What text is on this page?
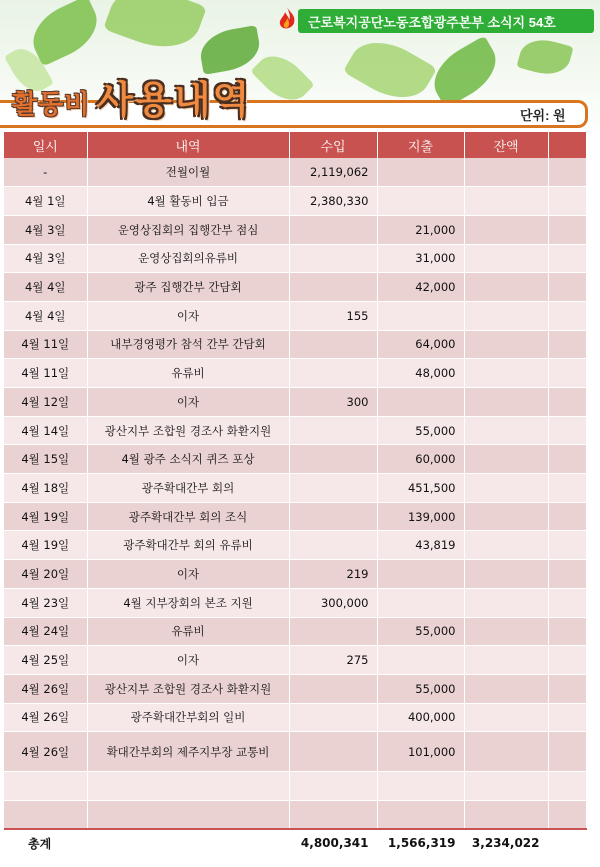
근로복지공단노동조합광주본부 소식지 54호
활동비 사용내역	단위: 원
일시	내역	수입	지출	잔액	
-	전월이월	2,119,062			
4월 1일	4월 활동비 입금	2,380,330			
4월 3일	운영상집회의 집행간부 점심		21,000		
4월 3일	운영상집회의유류비		31,000		
4월 4일	광주 집행간부 간담회		42,000		
4월 4일	이자	155			
4월 11일	내부경영평가 참석 간부 간담회		64,000		
4월 11일	유류비		48,000		
4월 12일	이자	300			
4월 14일	광산지부 조합원 경조사 화환지원		55,000		
4월 15일	4월 광주 소식지 퀴즈 포상		60,000		
4월 18일	광주확대간부 회의		451,500		
4월 19일	광주확대간부 회의 조식		139,000		
4월 19일	광주확대간부 회의 유류비		43,819		
4월 20일	이자	219			
4월 23일	4월 지부장회의 본조 지원	300,000			
4월 24일	유류비		55,000		
4월 25일	이자	275			
4월 26일	광산지부 조합원 경조사 화환지원		55,000		
4월 26일	광주확대간부회의 일비		400,000		
4월 26일	확대간부회의 제주지부장 교통비		101,000		

총계		4,800,341	1,566,319	3,234,022	
